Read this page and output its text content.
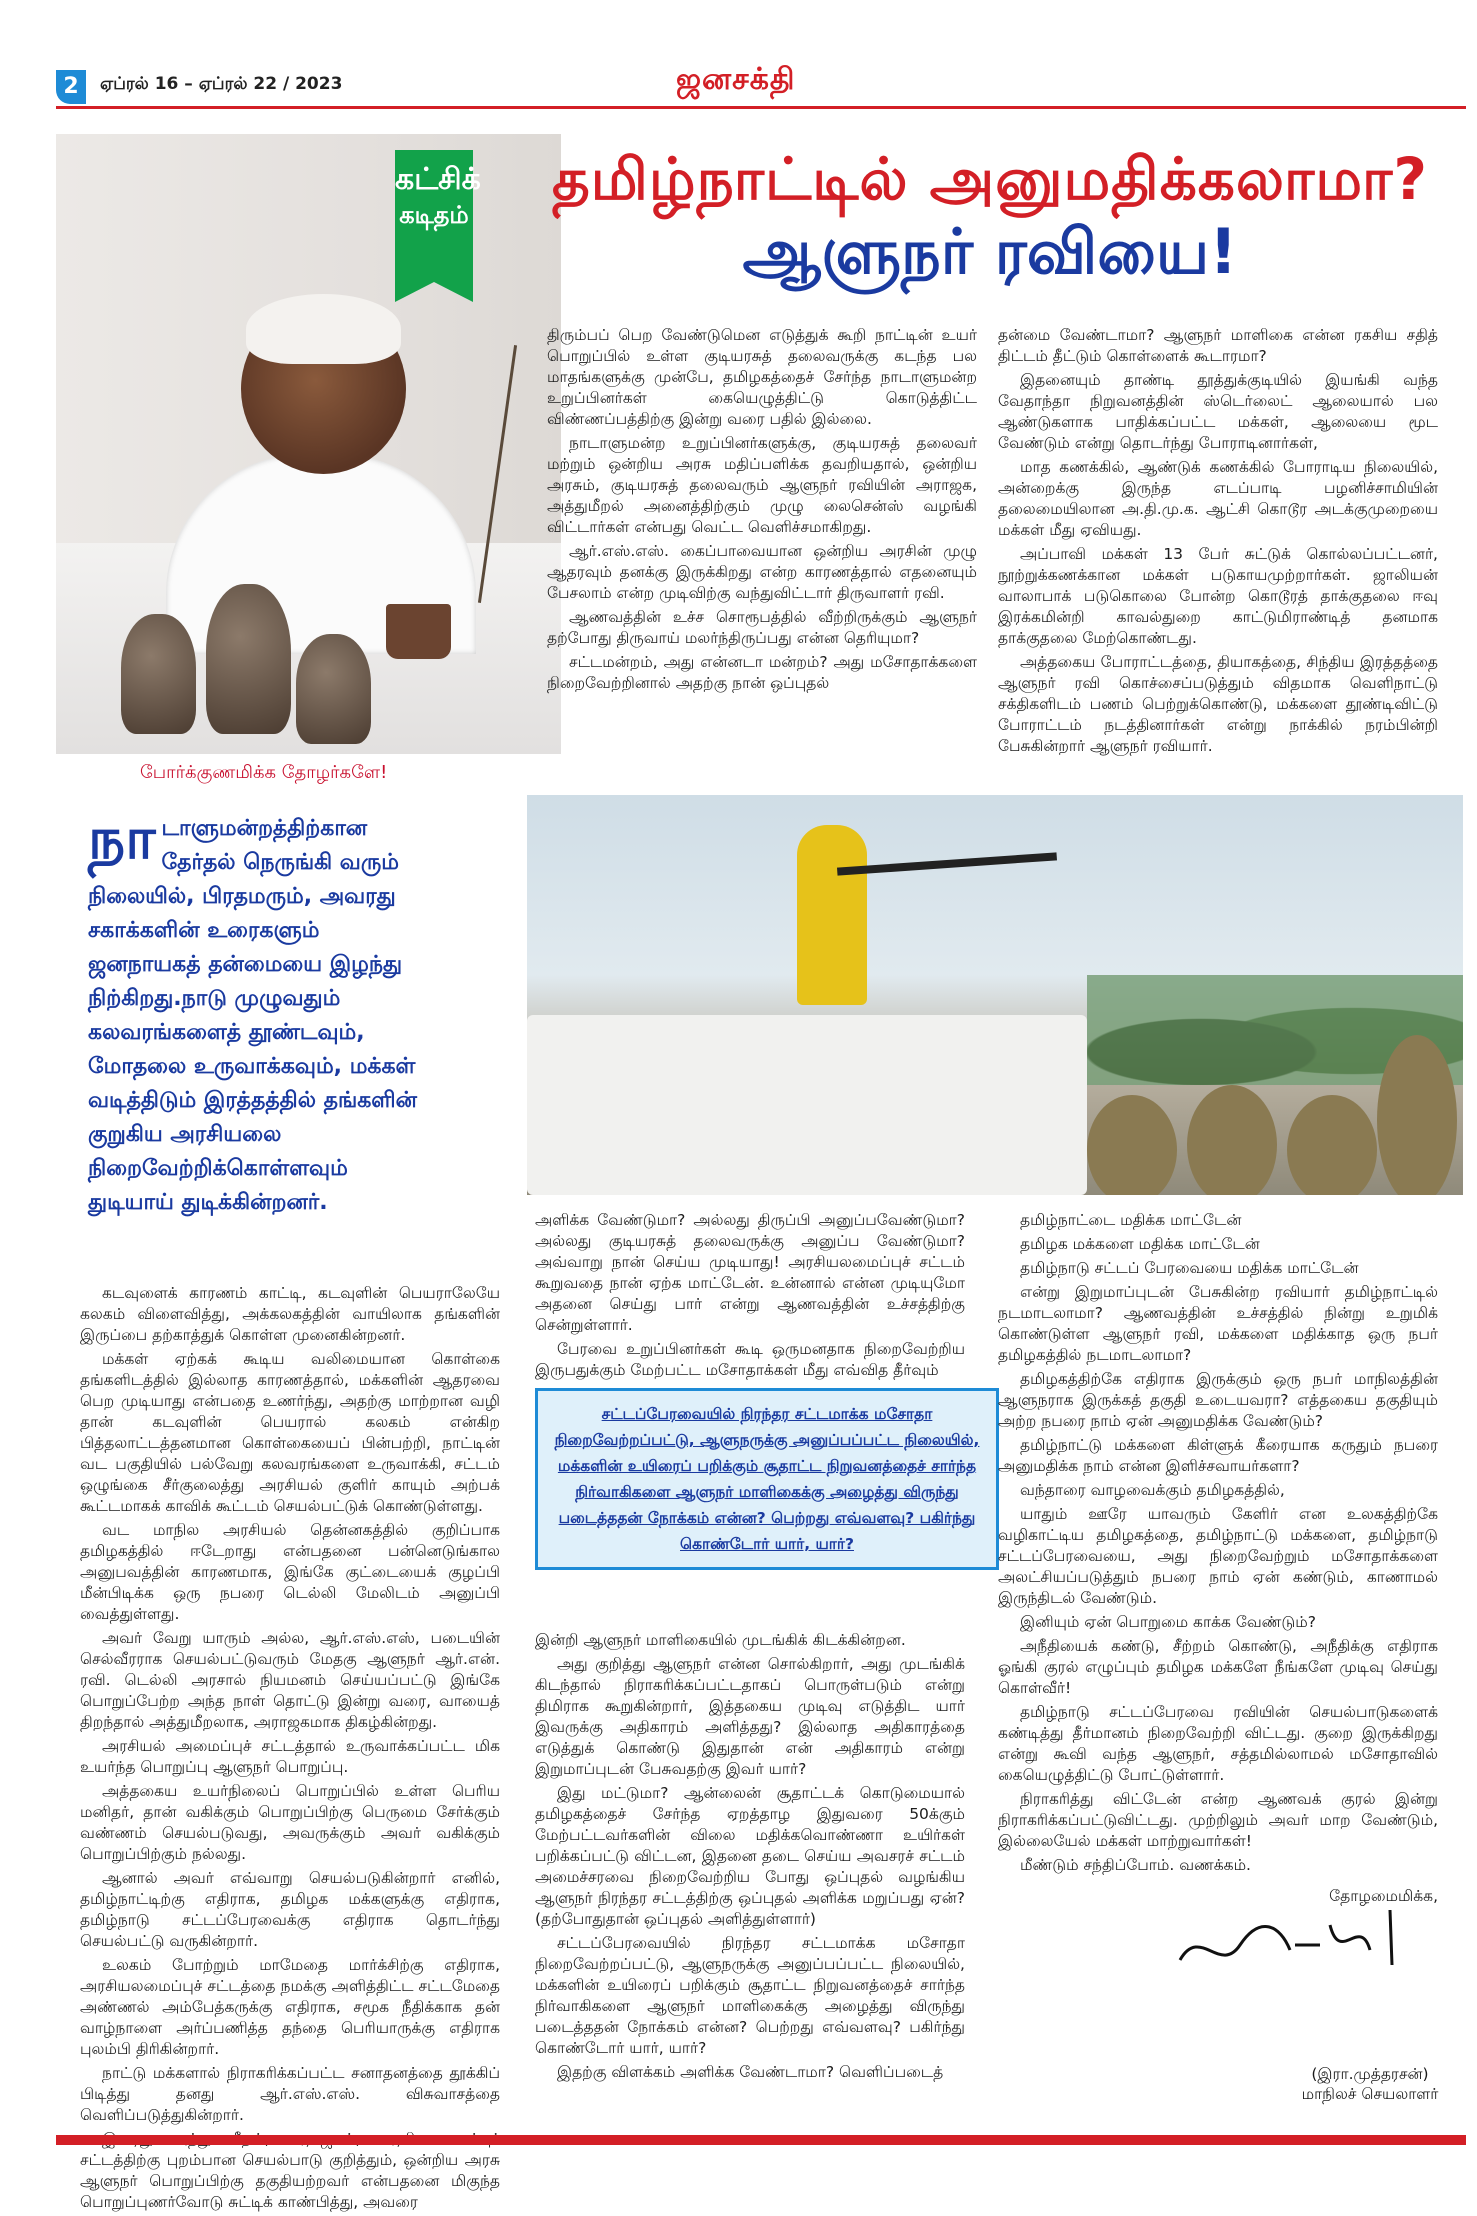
2	ஏப்ரல் 16 – ஏப்ரல் 22 / 2023	ஜனசக்தி
கட்சிக்
கடிதம்
தமிழ்நாட்டில் அனுமதிக்கலாமா?
ஆளுநர் ரவியை!

திரும்பப் பெற வேண்டுமென எடுத்துக் கூறி நாட்டின் உயர் பொறுப்பில் உள்ள குடியரசுத் தலைவருக்கு கடந்த பல மாதங்களுக்கு முன்பே, தமிழகத்தைச் சேர்ந்த நாடாளுமன்ற உறுப்பினர்கள் கையெழுத்திட்டு கொடுத்திட்ட விண்ணப்பத்திற்கு இன்று வரை பதில் இல்லை.

நாடாளுமன்ற உறுப்பினர்களுக்கு, குடியரசுத் தலைவர் மற்றும் ஒன்றிய அரசு மதிப்பளிக்க தவறியதால், ஒன்றிய அரசும், குடியரசுத் தலைவரும் ஆளுநர் ரவியின் அராஜக, அத்துமீறல் அனைத்திற்கும் முழு லைசென்ஸ் வழங்கி விட்டார்கள் என்பது வெட்ட வெளிச்சமாகிறது.

ஆர்.எஸ்.எஸ். கைப்பாவையான ஒன்றிய அரசின் முழு ஆதரவும் தனக்கு இருக்கிறது என்ற காரணத்தால் எதனையும் பேசலாம் என்ற முடிவிற்கு வந்துவிட்டார் திருவாளர் ரவி.

ஆணவத்தின் உச்ச சொரூபத்தில் வீற்றிருக்கும் ஆளுநர் தற்போது திருவாய் மலர்ந்திருப்பது என்ன தெரியுமா?

சட்டமன்றம், அது என்னடா மன்றம்? அது மசோதாக்களை நிறைவேற்றினால் அதற்கு நான் ஒப்புதல்

தன்மை வேண்டாமா? ஆளுநர் மாளிகை என்ன ரகசிய சதித் திட்டம் தீட்டும் கொள்ளைக் கூடாரமா?

இதனையும் தாண்டி தூத்துக்குடியில் இயங்கி வந்த வேதாந்தா நிறுவனத்தின் ஸ்டெர்லைட் ஆலையால் பல ஆண்டுகளாக பாதிக்கப்பட்ட மக்கள், ஆலையை மூட வேண்டும் என்று தொடர்ந்து போராடினார்கள்,

மாத கணக்கில், ஆண்டுக் கணக்கில் போராடிய நிலையில், அன்றைக்கு இருந்த எடப்பாடி பழனிச்சாமியின் தலைமையிலான அ.தி.மு.க. ஆட்சி கொடூர அடக்குமுறையை மக்கள் மீது ஏவியது.

அப்பாவி மக்கள் 13 பேர் சுட்டுக் கொல்லப்பட்டனர், நூற்றுக்கணக்கான மக்கள் படுகாயமுற்றார்கள். ஜாலியன் வாலாபாக் படுகொலை போன்ற கொடூரத் தாக்குதலை ஈவு இரக்கமின்றி காவல்துறை காட்டுமிராண்டித் தனமாக தாக்குதலை மேற்கொண்டது.

அத்தகைய போராட்டத்தை, தியாகத்தை, சிந்திய இரத்தத்தை ஆளுநர் ரவி கொச்சைப்படுத்தும் விதமாக வெளிநாட்டு சக்திகளிடம் பணம் பெற்றுக்கொண்டு, மக்களை தூண்டிவிட்டு போராட்டம் நடத்தினார்கள் என்று நாக்கில் நரம்பின்றி பேசுகின்றார் ஆளுநர் ரவியார்.

போர்க்குணமிக்க தோழர்களே!
நா டாளுமன்றத்திற்கான தேர்தல் நெருங்கி வரும் நிலையில், பிரதமரும், அவரது சகாக்களின் உரைகளும் ஜனநாயகத் தன்மையை இழந்து நிற்கிறது.நாடு முழுவதும் கலவரங்களைத் தூண்டவும், மோதலை உருவாக்கவும், மக்கள் வடித்திடும் இரத்தத்தில் தங்களின் குறுகிய அரசியலை நிறைவேற்றிக்கொள்ளவும் துடியாய் துடிக்கின்றனர்.

கடவுளைக் காரணம் காட்டி, கடவுளின் பெயராலேயே கலகம் விளைவித்து, அக்கலகத்தின் வாயிலாக தங்களின் இருப்பை தற்காத்துக் கொள்ள முனைகின்றனர்.

மக்கள் ஏற்கக் கூடிய வலிமையான கொள்கை தங்களிடத்தில் இல்லாத காரணத்தால், மக்களின் ஆதரவை பெற முடியாது என்பதை உணர்ந்து, அதற்கு மாற்றான வழி தான் கடவுளின் பெயரால் கலகம் என்கிற பித்தலாட்டத்தனமான கொள்கையைப் பின்பற்றி, நாட்டின் வட பகுதியில் பல்வேறு கலவரங்களை உருவாக்கி, சட்டம் ஒழுங்கை சீர்குலைத்து அரசியல் குளிர் காயும் அற்பக் கூட்டமாகக் காவிக் கூட்டம் செயல்பட்டுக் கொண்டுள்ளது.

வட மாநில அரசியல் தென்னகத்தில் குறிப்பாக தமிழகத்தில் ஈடேறாது என்பதனை பன்னெடுங்கால அனுபவத்தின் காரணமாக, இங்கே குட்டையைக் குழப்பி மீன்பிடிக்க ஒரு நபரை டெல்லி மேலிடம் அனுப்பி வைத்துள்ளது.

அவர் வேறு யாரும் அல்ல, ஆர்.எஸ்.எஸ், படையின் செல்வீரராக செயல்பட்டுவரும் மேதகு ஆளுநர் ஆர்.என். ரவி. டெல்லி அரசால் நியமனம் செய்யப்பட்டு இங்கே பொறுப்பேற்ற அந்த நாள் தொட்டு இன்று வரை, வாயைத் திறந்தால் அத்துமீறலாக, அராஜகமாக திகழ்கின்றது.

அரசியல் அமைப்புச் சட்டத்தால் உருவாக்கப்பட்ட மிக உயர்ந்த பொறுப்பு ஆளுநர் பொறுப்பு.

அத்தகைய உயர்நிலைப் பொறுப்பில் உள்ள பெரிய மனிதர், தான் வகிக்கும் பொறுப்பிற்கு பெருமை சேர்க்கும் வண்ணம் செயல்படுவது, அவருக்கும் அவர் வகிக்கும் பொறுப்பிற்கும் நல்லது.

ஆனால் அவர் எவ்வாறு செயல்படுகின்றார் எனில், தமிழ்நாட்டிற்கு எதிராக, தமிழக மக்களுக்கு எதிராக, தமிழ்நாடு சட்டப்பேரவைக்கு எதிராக தொடர்ந்து செயல்பட்டு வருகின்றார்.

உலகம் போற்றும் மாமேதை மார்க்சிற்கு எதிராக, அரசியலமைப்புச் சட்டத்தை நமக்கு அளித்திட்ட சட்டமேதை அண்ணல் அம்பேத்கருக்கு எதிராக, சமூக நீதிக்காக தன் வாழ்நாளை அர்ப்பணித்த தந்தை பெரியாருக்கு எதிராக புலம்பி திரிகின்றார்.

நாட்டு மக்களால் நிராகரிக்கப்பட்ட சனாதனத்தை தூக்கிப் பிடித்து தனது ஆர்.எஸ்.எஸ். விசுவாசத்தை வெளிப்படுத்துகின்றார்.

சட்டத்திற்கு புறம்பான செயல்பாடு குறித்தும், ஒன்றிய அரசு ஆளுநர் பொறுப்பிற்கு தகுதியற்றவர் என்பதனை மிகுந்த பொறுப்புணர்வோடு சுட்டிக் காண்பித்து, அவரை

அளிக்க வேண்டுமா? அல்லது திருப்பி அனுப்பவேண்டுமா? அல்லது குடியரசுத் தலைவருக்கு அனுப்ப வேண்டுமா? அவ்வாறு நான் செய்ய முடியாது! அரசியலமைப்புச் சட்டம் கூறுவதை நான் ஏற்க மாட்டேன். உன்னால் என்ன முடியுமோ அதனை செய்து பார் என்று ஆணவத்தின் உச்சத்திற்கு சென்றுள்ளார்.

பேரவை உறுப்பினர்கள் கூடி ஒருமனதாக நிறைவேற்றிய இருபதுக்கும் மேற்பட்ட மசோதாக்கள் மீது எவ்வித தீர்வும்

சட்டப்பேரவையில் நிரந்தர சட்டமாக்க மசோதா நிறைவேற்றப்பட்டு, ஆளுநருக்கு அனுப்பப்பட்ட நிலையில், மக்களின் உயிரைப் பறிக்கும் சூதாட்ட நிறுவனத்தைச் சார்ந்த நிர்வாகிகளை ஆளுநர் மாளிகைக்கு அழைத்து விருந்து படைத்ததன் நோக்கம் என்ன? பெற்றது எவ்வளவு? பகிர்ந்து கொண்டோர் யார், யார்?

இன்றி ஆளுநர் மாளிகையில் முடங்கிக் கிடக்கின்றன.

அது குறித்து ஆளுநர் என்ன சொல்கிறார், அது முடங்கிக் கிடந்தால் நிராகரிக்கப்பட்டதாகப் பொருள்படும் என்று திமிராக கூறுகின்றார், இத்தகைய முடிவு எடுத்திட யார் இவருக்கு அதிகாரம் அளித்தது? இல்லாத அதிகாரத்தை எடுத்துக் கொண்டு இதுதான் என் அதிகாரம் என்று இறுமாப்புடன் பேசுவதற்கு இவர் யார்?

இது மட்டுமா? ஆன்லைன் சூதாட்டக் கொடுமையால் தமிழகத்தைச் சேர்ந்த ஏறத்தாழ இதுவரை 50க்கும் மேற்பட்டவர்களின் விலை மதிக்கவொண்ணா உயிர்கள் பறிக்கப்பட்டு விட்டன, இதனை தடை செய்ய அவசரச் சட்டம் அமைச்சரவை நிறைவேற்றிய போது ஒப்புதல் வழங்கிய ஆளுநர் நிரந்தர சட்டத்திற்கு ஒப்புதல் அளிக்க மறுப்பது ஏன்? (தற்போதுதான் ஒப்புதல் அளித்துள்ளார்)

சட்டப்பேரவையில் நிரந்தர சட்டமாக்க மசோதா நிறைவேற்றப்பட்டு, ஆளுநருக்கு அனுப்பப்பட்ட நிலையில், மக்களின் உயிரைப் பறிக்கும் சூதாட்ட நிறுவனத்தைச் சார்ந்த நிர்வாகிகளை ஆளுநர் மாளிகைக்கு அழைத்து விருந்து படைத்ததன் நோக்கம் என்ன? பெற்றது எவ்வளவு? பகிர்ந்து கொண்டோர் யார், யார்?

இதற்கு விளக்கம் அளிக்க வேண்டாமா? வெளிப்படைத்

தமிழ்நாட்டை மதிக்க மாட்டேன்

தமிழக மக்களை மதிக்க மாட்டேன்

தமிழ்நாடு சட்டப் பேரவையை மதிக்க மாட்டேன்

என்று இறுமாப்புடன் பேசுகின்ற ரவியார் தமிழ்நாட்டில் நடமாடலாமா? ஆணவத்தின் உச்சத்தில் நின்று உறுமிக் கொண்டுள்ள ஆளுநர் ரவி, மக்களை மதிக்காத ஒரு நபர் தமிழகத்தில் நடமாடலாமா?

தமிழகத்திற்கே எதிராக இருக்கும் ஒரு நபர் மாநிலத்தின் ஆளுநராக இருக்கத் தகுதி உடையவரா? எத்தகைய தகுதியும் அற்ற நபரை நாம் ஏன் அனுமதிக்க வேண்டும்?

தமிழ்நாட்டு மக்களை கிள்ளுக் கீரையாக கருதும் நபரை அனுமதிக்க நாம் என்ன இளிச்சவாயர்களா?

வந்தாரை வாழவைக்கும் தமிழகத்தில்,

யாதும் ஊரே யாவரும் கேளிர் என உலகத்திற்கே வழிகாட்டிய தமிழகத்தை, தமிழ்நாட்டு மக்களை, தமிழ்நாடு சட்டப்பேரவையை, அது நிறைவேற்றும் மசோதாக்களை அலட்சியப்படுத்தும் நபரை நாம் ஏன் கண்டும், காணாமல் இருந்திடல் வேண்டும்.

இனியும் ஏன் பொறுமை காக்க வேண்டும்?

அநீதியைக் கண்டு, சீற்றம் கொண்டு, அநீதிக்கு எதிராக ஓங்கி குரல் எழுப்பும் தமிழக மக்களே நீங்களே முடிவு செய்து கொள்வீர்!

தமிழ்நாடு சட்டப்பேரவை ரவியின் செயல்பாடுகளைக் கண்டித்து தீர்மானம் நிறைவேற்றி விட்டது. குறை இருக்கிறது என்று கூவி வந்த ஆளுநர், சத்தமில்லாமல் மசோதாவில் கையெழுத்திட்டு போட்டுள்ளார்.

நிராகரித்து விட்டேன் என்ற ஆணவக் குரல் இன்று நிராகரிக்கப்பட்டுவிட்டது. முற்றிலும் அவர் மாற வேண்டும், இல்லையேல் மக்கள் மாற்றுவார்கள்!

மீண்டும் சந்திப்போம். வணக்கம்.

தோழமைமிக்க,

(இரா.முத்தரசன்)
மாநிலச் செயலாளர்
